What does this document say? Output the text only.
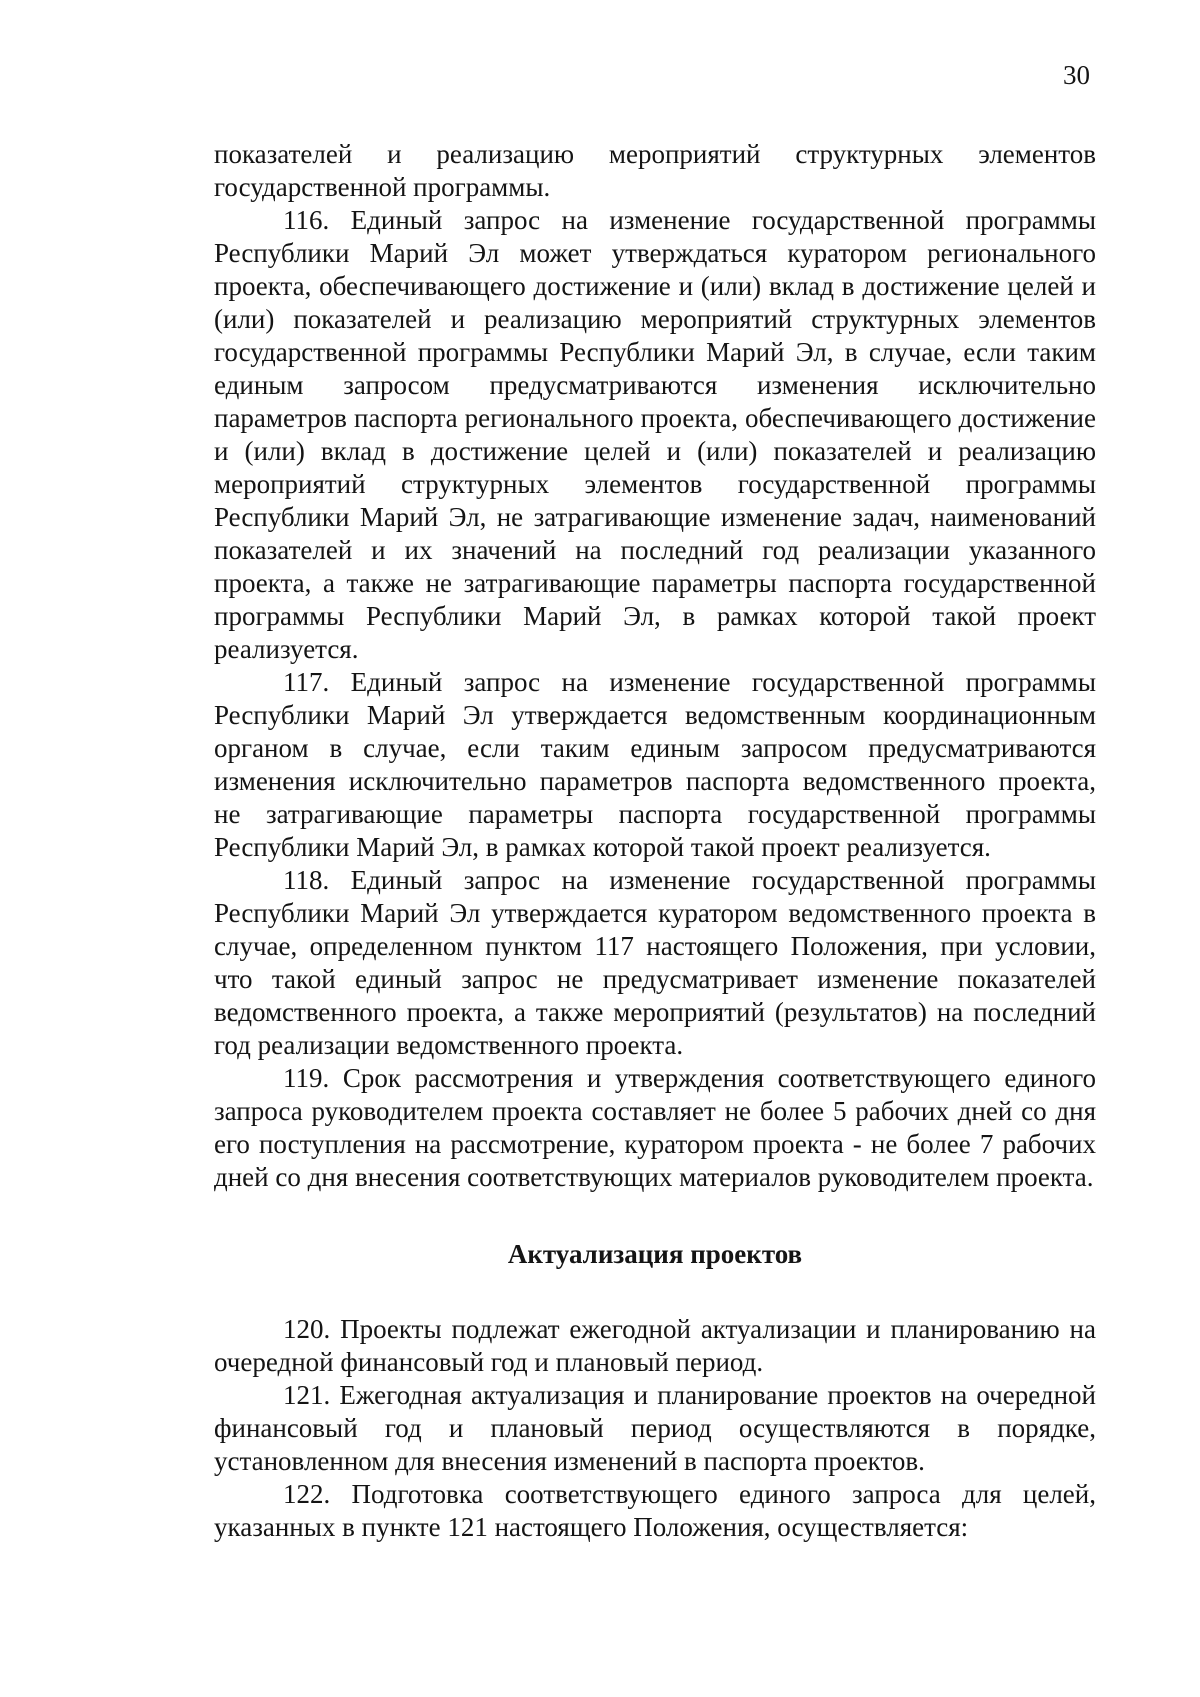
30

показателей и реализацию мероприятий структурных элементов государственной программы.

116. Единый запрос на изменение государственной программы Республики Марий Эл может утверждаться куратором регионального проекта, обеспечивающего достижение и (или) вклад в достижение целей и (или) показателей и реализацию мероприятий структурных элементов государственной программы Республики Марий Эл, в случае, если таким единым запросом предусматриваются изменения исключительно параметров паспорта регионального проекта, обеспечивающего достижение и (или) вклад в достижение целей и (или) показателей и реализацию мероприятий структурных элементов государственной программы Республики Марий Эл, не затрагивающие изменение задач, наименований показателей и их значений на последний год реализации указанного проекта, а также не затрагивающие параметры паспорта государственной программы Республики Марий Эл, в рамках которой такой проект реализуется.

117. Единый запрос на изменение государственной программы Республики Марий Эл утверждается ведомственным координационным органом в случае, если таким единым запросом предусматриваются изменения исключительно параметров паспорта ведомственного проекта, не затрагивающие параметры паспорта государственной программы Республики Марий Эл, в рамках которой такой проект реализуется.

118. Единый запрос на изменение государственной программы Республики Марий Эл утверждается куратором ведомственного проекта в случае, определенном пунктом 117 настоящего Положения, при условии, что такой единый запрос не предусматривает изменение показателей ведомственного проекта, а также мероприятий (результатов) на последний год реализации ведомственного проекта.

119. Срок рассмотрения и утверждения соответствующего единого запроса руководителем проекта составляет не более 5 рабочих дней со дня его поступления на рассмотрение, куратором проекта - не более 7 рабочих дней со дня внесения соответствующих материалов руководителем проекта.

Актуализация проектов

120. Проекты подлежат ежегодной актуализации и планированию на очередной финансовый год и плановый период.

121. Ежегодная актуализация и планирование проектов на очередной финансовый год и плановый период осуществляются в порядке, установленном для внесения изменений в паспорта проектов.

122. Подготовка соответствующего единого запроса для целей, указанных в пункте 121 настоящего Положения, осуществляется:
